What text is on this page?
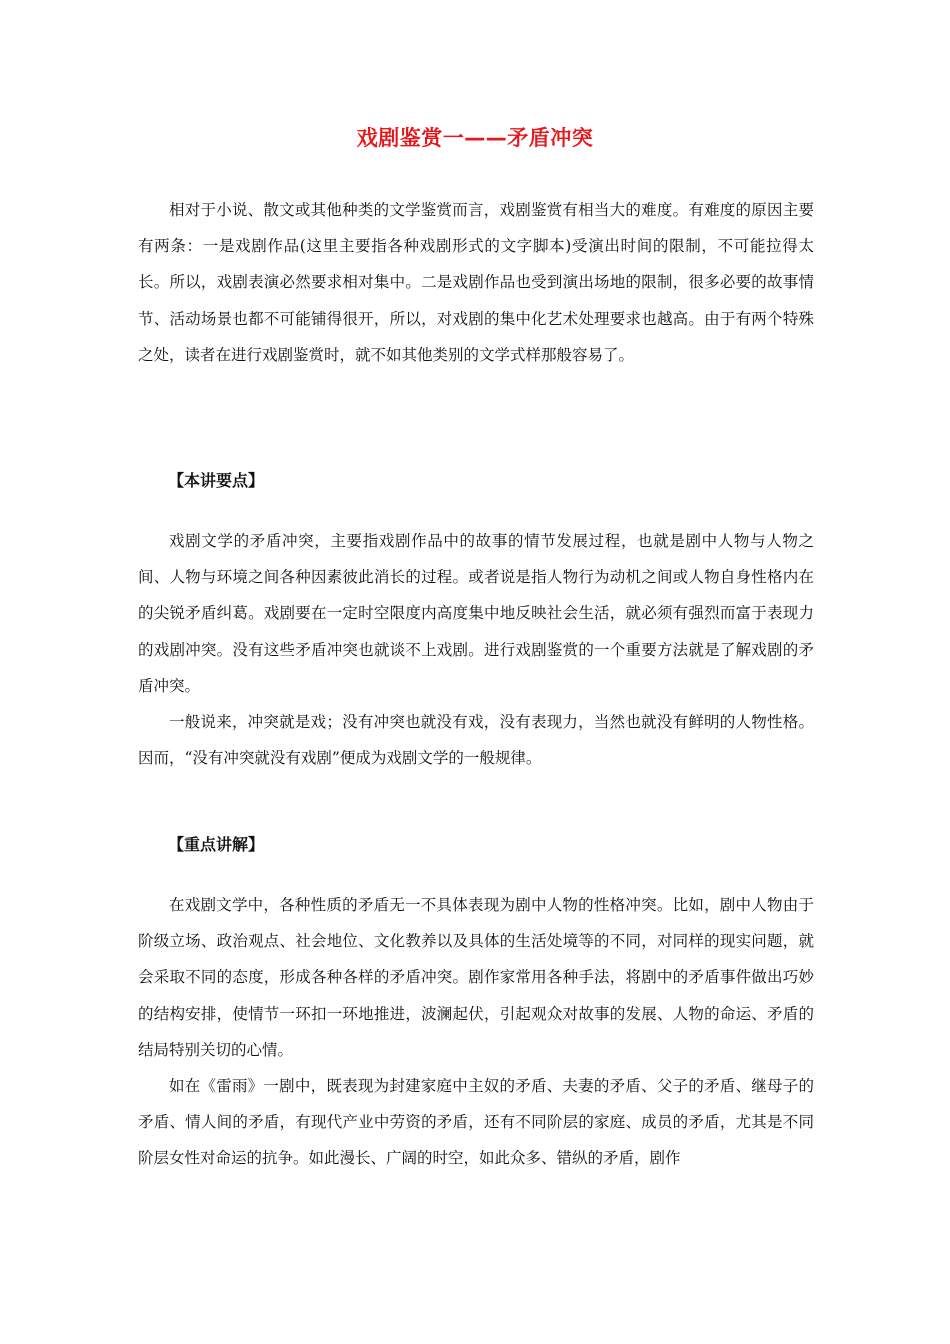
戏剧鉴赏一——矛盾冲突

相对于小说、散文或其他种类的文学鉴赏而言，戏剧鉴赏有相当大的难度。有难度的原因主要有两条：一是戏剧作品(这里主要指各种戏剧形式的文字脚本)受演出时间的限制，不可能拉得太长。所以，戏剧表演必然要求相对集中。二是戏剧作品也受到演出场地的限制，很多必要的故事情节、活动场景也都不可能铺得很开，所以，对戏剧的集中化艺术处理要求也越高。由于有两个特殊之处，读者在进行戏剧鉴赏时，就不如其他类别的文学式样那般容易了。

【本讲要点】

戏剧文学的矛盾冲突，主要指戏剧作品中的故事的情节发展过程，也就是剧中人物与人物之间、人物与环境之间各种因素彼此消长的过程。或者说是指人物行为动机之间或人物自身性格内在的尖锐矛盾纠葛。戏剧要在一定时空限度内高度集中地反映社会生活，就必须有强烈而富于表现力的戏剧冲突。没有这些矛盾冲突也就谈不上戏剧。进行戏剧鉴赏的一个重要方法就是了解戏剧的矛盾冲突。

一般说来，冲突就是戏；没有冲突也就没有戏，没有表现力，当然也就没有鲜明的人物性格。因而，“没有冲突就没有戏剧”便成为戏剧文学的一般规律。

【重点讲解】

在戏剧文学中，各种性质的矛盾无一不具体表现为剧中人物的性格冲突。比如，剧中人物由于阶级立场、政治观点、社会地位、文化教养以及具体的生活处境等的不同，对同样的现实问题，就会采取不同的态度，形成各种各样的矛盾冲突。剧作家常用各种手法，将剧中的矛盾事件做出巧妙的结构安排，使情节一环扣一环地推进，波澜起伏，引起观众对故事的发展、人物的命运、矛盾的结局特别关切的心情。

如在《雷雨》一剧中，既表现为封建家庭中主奴的矛盾、夫妻的矛盾、父子的矛盾、继母子的矛盾、情人间的矛盾，有现代产业中劳资的矛盾，还有不同阶层的家庭、成员的矛盾，尤其是不同阶层女性对命运的抗争。如此漫长、广阔的时空，如此众多、错纵的矛盾，剧作
